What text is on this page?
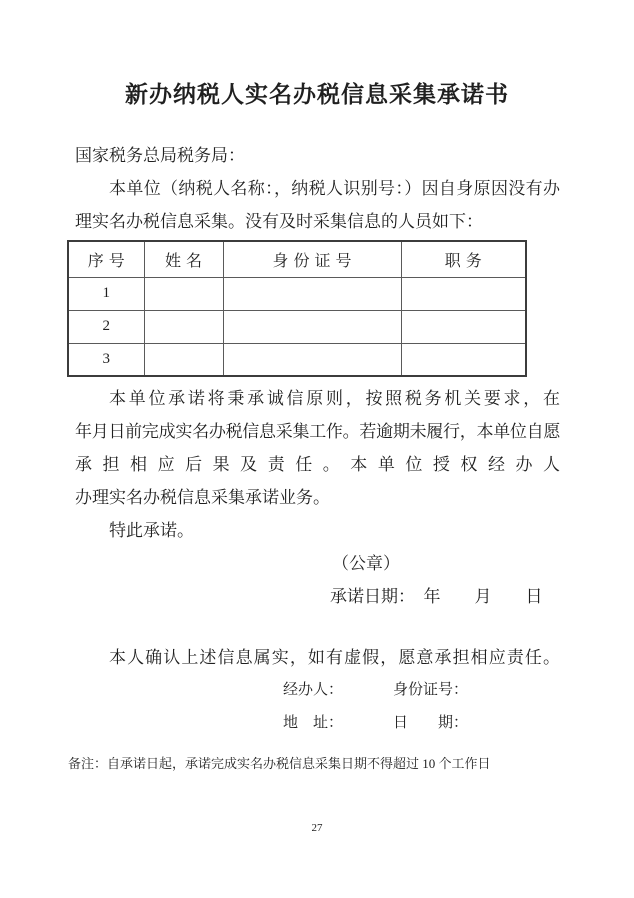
新办纳税人实名办税信息采集承诺书
国家税务总局税务局：
本单位（纳税人名称：，纳税人识别号：）因自身原因没有办
理实名办税信息采集。没有及时采集信息的人员如下：
序号	姓名	身份证号	职务
1			
2			
3			
本单位承诺将秉承诚信原则，按照税务机关要求，在
年月日前完成实名办税信息采集工作。若逾期未履行，本单位自愿
承担相应后果及责任。本单位授权经办人
办理实名办税信息采集承诺业务。
特此承诺。
（公章）
承诺日期：　年　　月　　日
本人确认上述信息属实，如有虚假，愿意承担相应责任。
经办人：	身份证号：
地　址：	日　　期：
备注：自承诺日起，承诺完成实名办税信息采集日期不得超过 10 个工作日
27
